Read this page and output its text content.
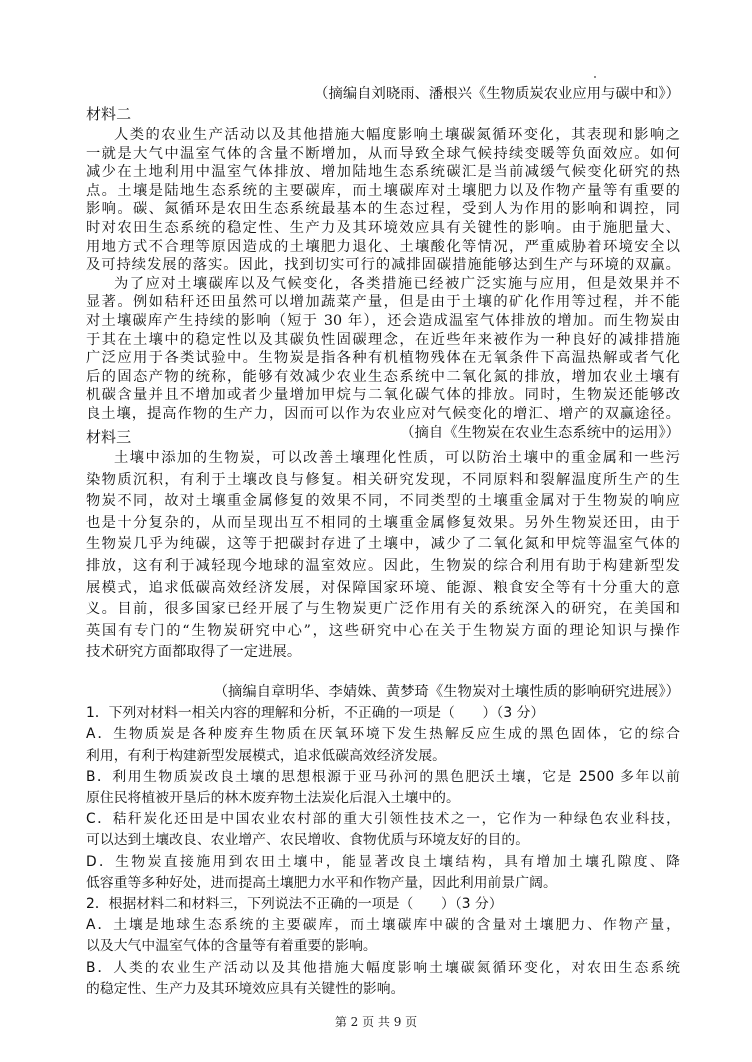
（摘编自刘晓雨、潘根兴《生物质炭农业应用与碳中和》）
材料二
人类的农业生产活动以及其他措施大幅度影响土壤碳氮循环变化，其表现和影响之
一就是大气中温室气体的含量不断增加，从而导致全球气候持续变暖等负面效应。如何
减少在土地利用中温室气体排放、增加陆地生态系统碳汇是当前减缓气候变化研究的热
点。土壤是陆地生态系统的主要碳库，而土壤碳库对土壤肥力以及作物产量等有重要的
影响。碳、氮循环是农田生态系统最基本的生态过程，受到人为作用的影响和调控，同
时对农田生态系统的稳定性、生产力及其环境效应具有关键性的影响。由于施肥量大、
用地方式不合理等原因造成的土壤肥力退化、土壤酸化等情况，严重威胁着环境安全以
及可持续发展的落实。因此，找到切实可行的减排固碳措施能够达到生产与环境的双赢。
为了应对土壤碳库以及气候变化，各类措施已经被广泛实施与应用，但是效果并不
显著。例如秸秆还田虽然可以增加蔬菜产量，但是由于土壤的矿化作用等过程，并不能
对土壤碳库产生持续的影响（短于 30 年），还会造成温室气体排放的增加。而生物炭由
于其在土壤中的稳定性以及其碳负性固碳理念，在近些年来被作为一种良好的减排措施
广泛应用于各类试验中。生物炭是指各种有机植物残体在无氧条件下高温热解或者气化
后的固态产物的统称，能够有效减少农业生态系统中二氧化氮的排放，增加农业土壤有
机碳含量并且不增加或者少量增加甲烷与二氧化碳气体的排放。同时，生物炭还能够改
良土壤，提高作物的生产力，因而可以作为农业应对气候变化的增汇、增产的双赢途径。
（摘自《生物炭在农业生态系统中的运用》）
材料三
土壤中添加的生物炭，可以改善土壤理化性质，可以防治土壤中的重金属和一些污
染物质沉积，有利于土壤改良与修复。相关研究发现，不同原料和裂解温度所生产的生
物炭不同，故对土壤重金属修复的效果不同，不同类型的土壤重金属对于生物炭的响应
也是十分复杂的，从而呈现出互不相同的土壤重金属修复效果。另外生物炭还田，由于
生物炭几乎为纯碳，这等于把碳封存进了土壤中，减少了二氧化氮和甲烷等温室气体的
排放，这有利于减轻现今地球的温室效应。因此，生物炭的综合利用有助于构建新型发
展模式，追求低碳高效经济发展，对保障国家环境、能源、粮食安全等有十分重大的意
义。目前，很多国家已经开展了与生物炭更广泛作用有关的系统深入的研究，在美国和
英国有专门的“生物炭研究中心”，这些研究中心在关于生物炭方面的理论知识与操作
技术研究方面都取得了一定进展。
（摘编自章明华、李婧姝、黄梦琦《生物炭对土壤性质的影响研究进展》）
1．下列对材料一相关内容的理解和分析，不正确的一项是（　　）（3 分）
A．生物质炭是各种废弃生物质在厌氧环境下发生热解反应生成的黑色固体，它的综合
利用，有利于构建新型发展模式，追求低碳高效经济发展。
B．利用生物质炭改良土壤的思想根源于亚马孙河的黑色肥沃土壤，它是 2500 多年以前
原住民将植被开垦后的林木废弃物土法炭化后混入土壤中的。
C．秸秆炭化还田是中国农业农村部的重大引领性技术之一，它作为一种绿色农业科技，
可以达到土壤改良、农业增产、农民增收、食物优质与环境友好的目的。
D．生物炭直接施用到农田土壤中，能显著改良土壤结构，具有增加土壤孔隙度、降
低容重等多种好处，进而提高土壤肥力水平和作物产量，因此利用前景广阔。
2．根据材料二和材料三，下列说法不正确的一项是（　　）（3 分）
A．土壤是地球生态系统的主要碳库，而土壤碳库中碳的含量对土壤肥力、作物产量，
以及大气中温室气体的含量等有着重要的影响。
第 2 页 共 9 页
B．人类的农业生产活动以及其他措施大幅度影响土壤碳氮循环变化，对农田生态系统
的稳定性、生产力及其环境效应具有关键性的影响。
